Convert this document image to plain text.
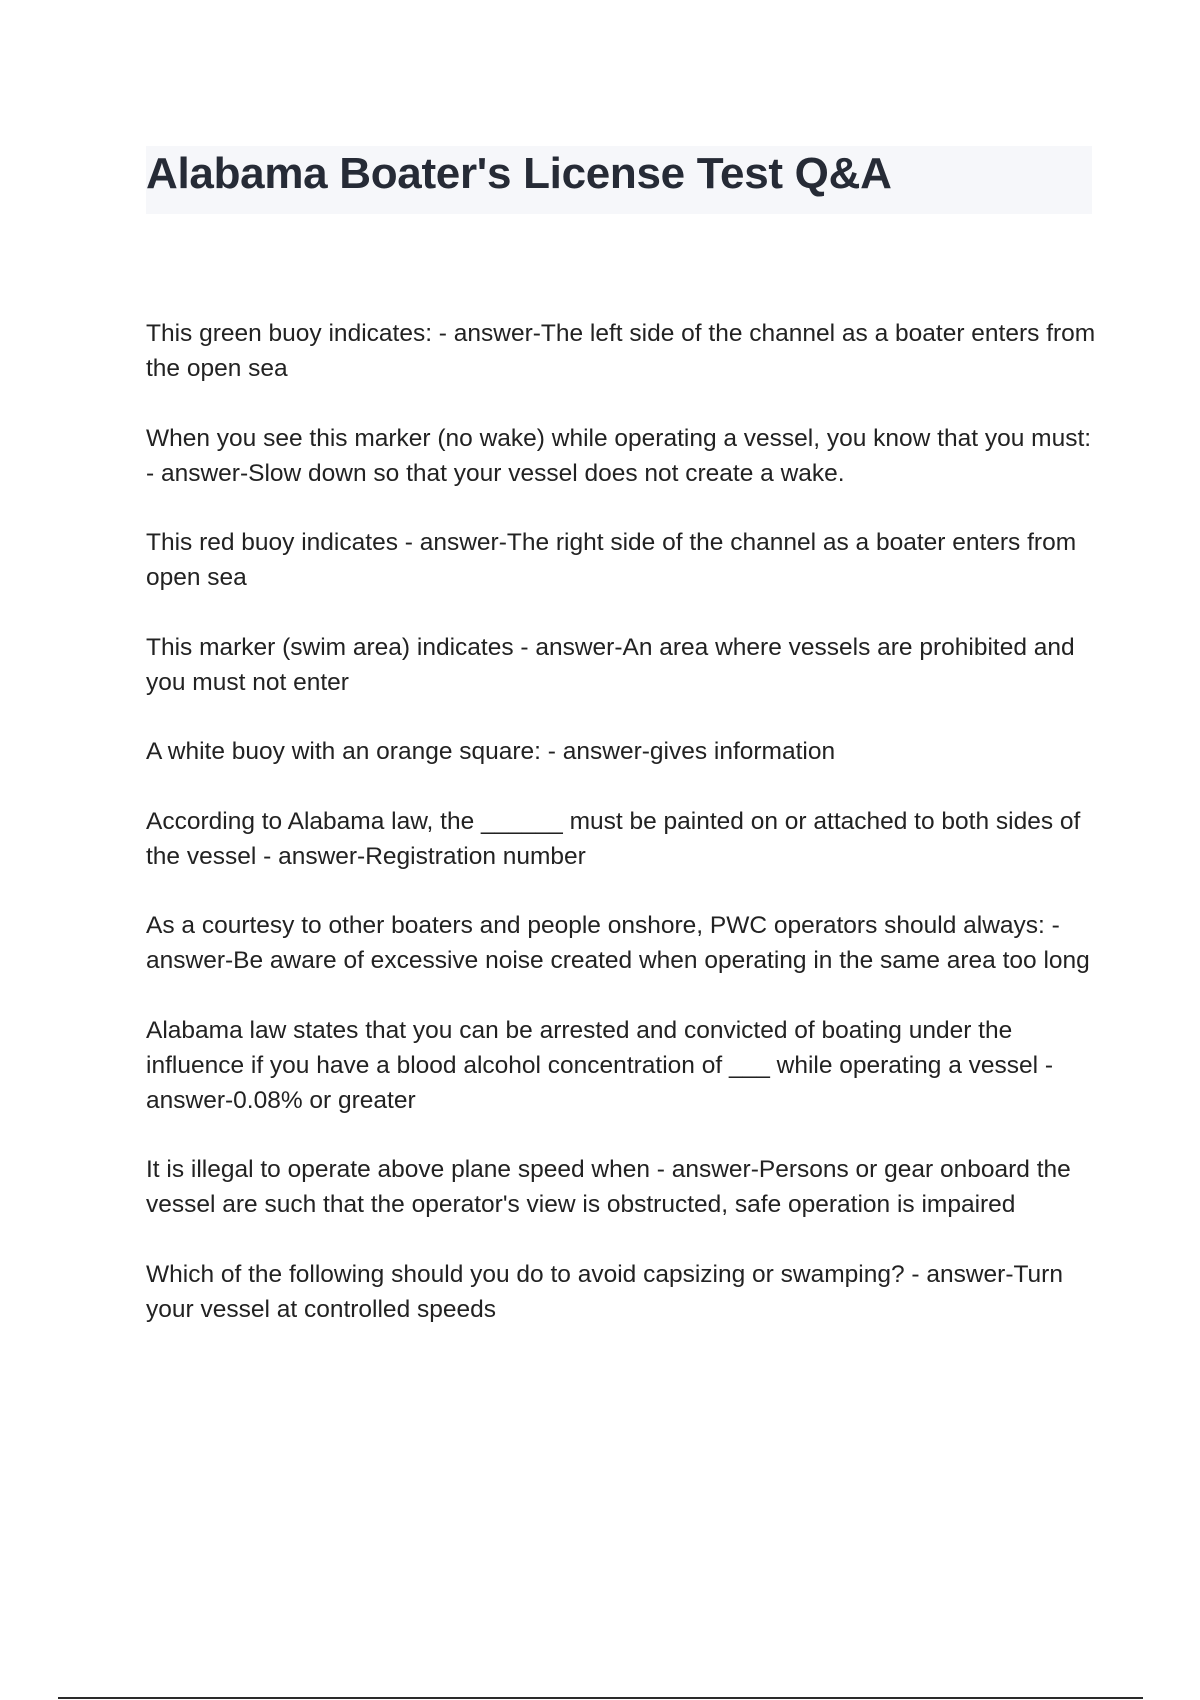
Alabama Boater's License Test Q&A
This green buoy indicates: - answer-The left side of the channel as a boater enters from the open sea
When you see this marker (no wake) while operating a vessel, you know that you must: - answer-Slow down so that your vessel does not create a wake.
This red buoy indicates - answer-The right side of the channel as a boater enters from open sea
This marker (swim area) indicates - answer-An area where vessels are prohibited and you must not enter
A white buoy with an orange square: - answer-gives information
According to Alabama law, the ______ must be painted on or attached to both sides of the vessel - answer-Registration number
As a courtesy to other boaters and people onshore, PWC operators should always: - answer-Be aware of excessive noise created when operating in the same area too long
Alabama law states that you can be arrested and convicted of boating under the influence if you have a blood alcohol concentration of ___ while operating a vessel - answer-0.08% or greater
It is illegal to operate above plane speed when - answer-Persons or gear onboard the vessel are such that the operator's view is obstructed, safe operation is impaired
Which of the following should you do to avoid capsizing or swamping? - answer-Turn your vessel at controlled speeds
